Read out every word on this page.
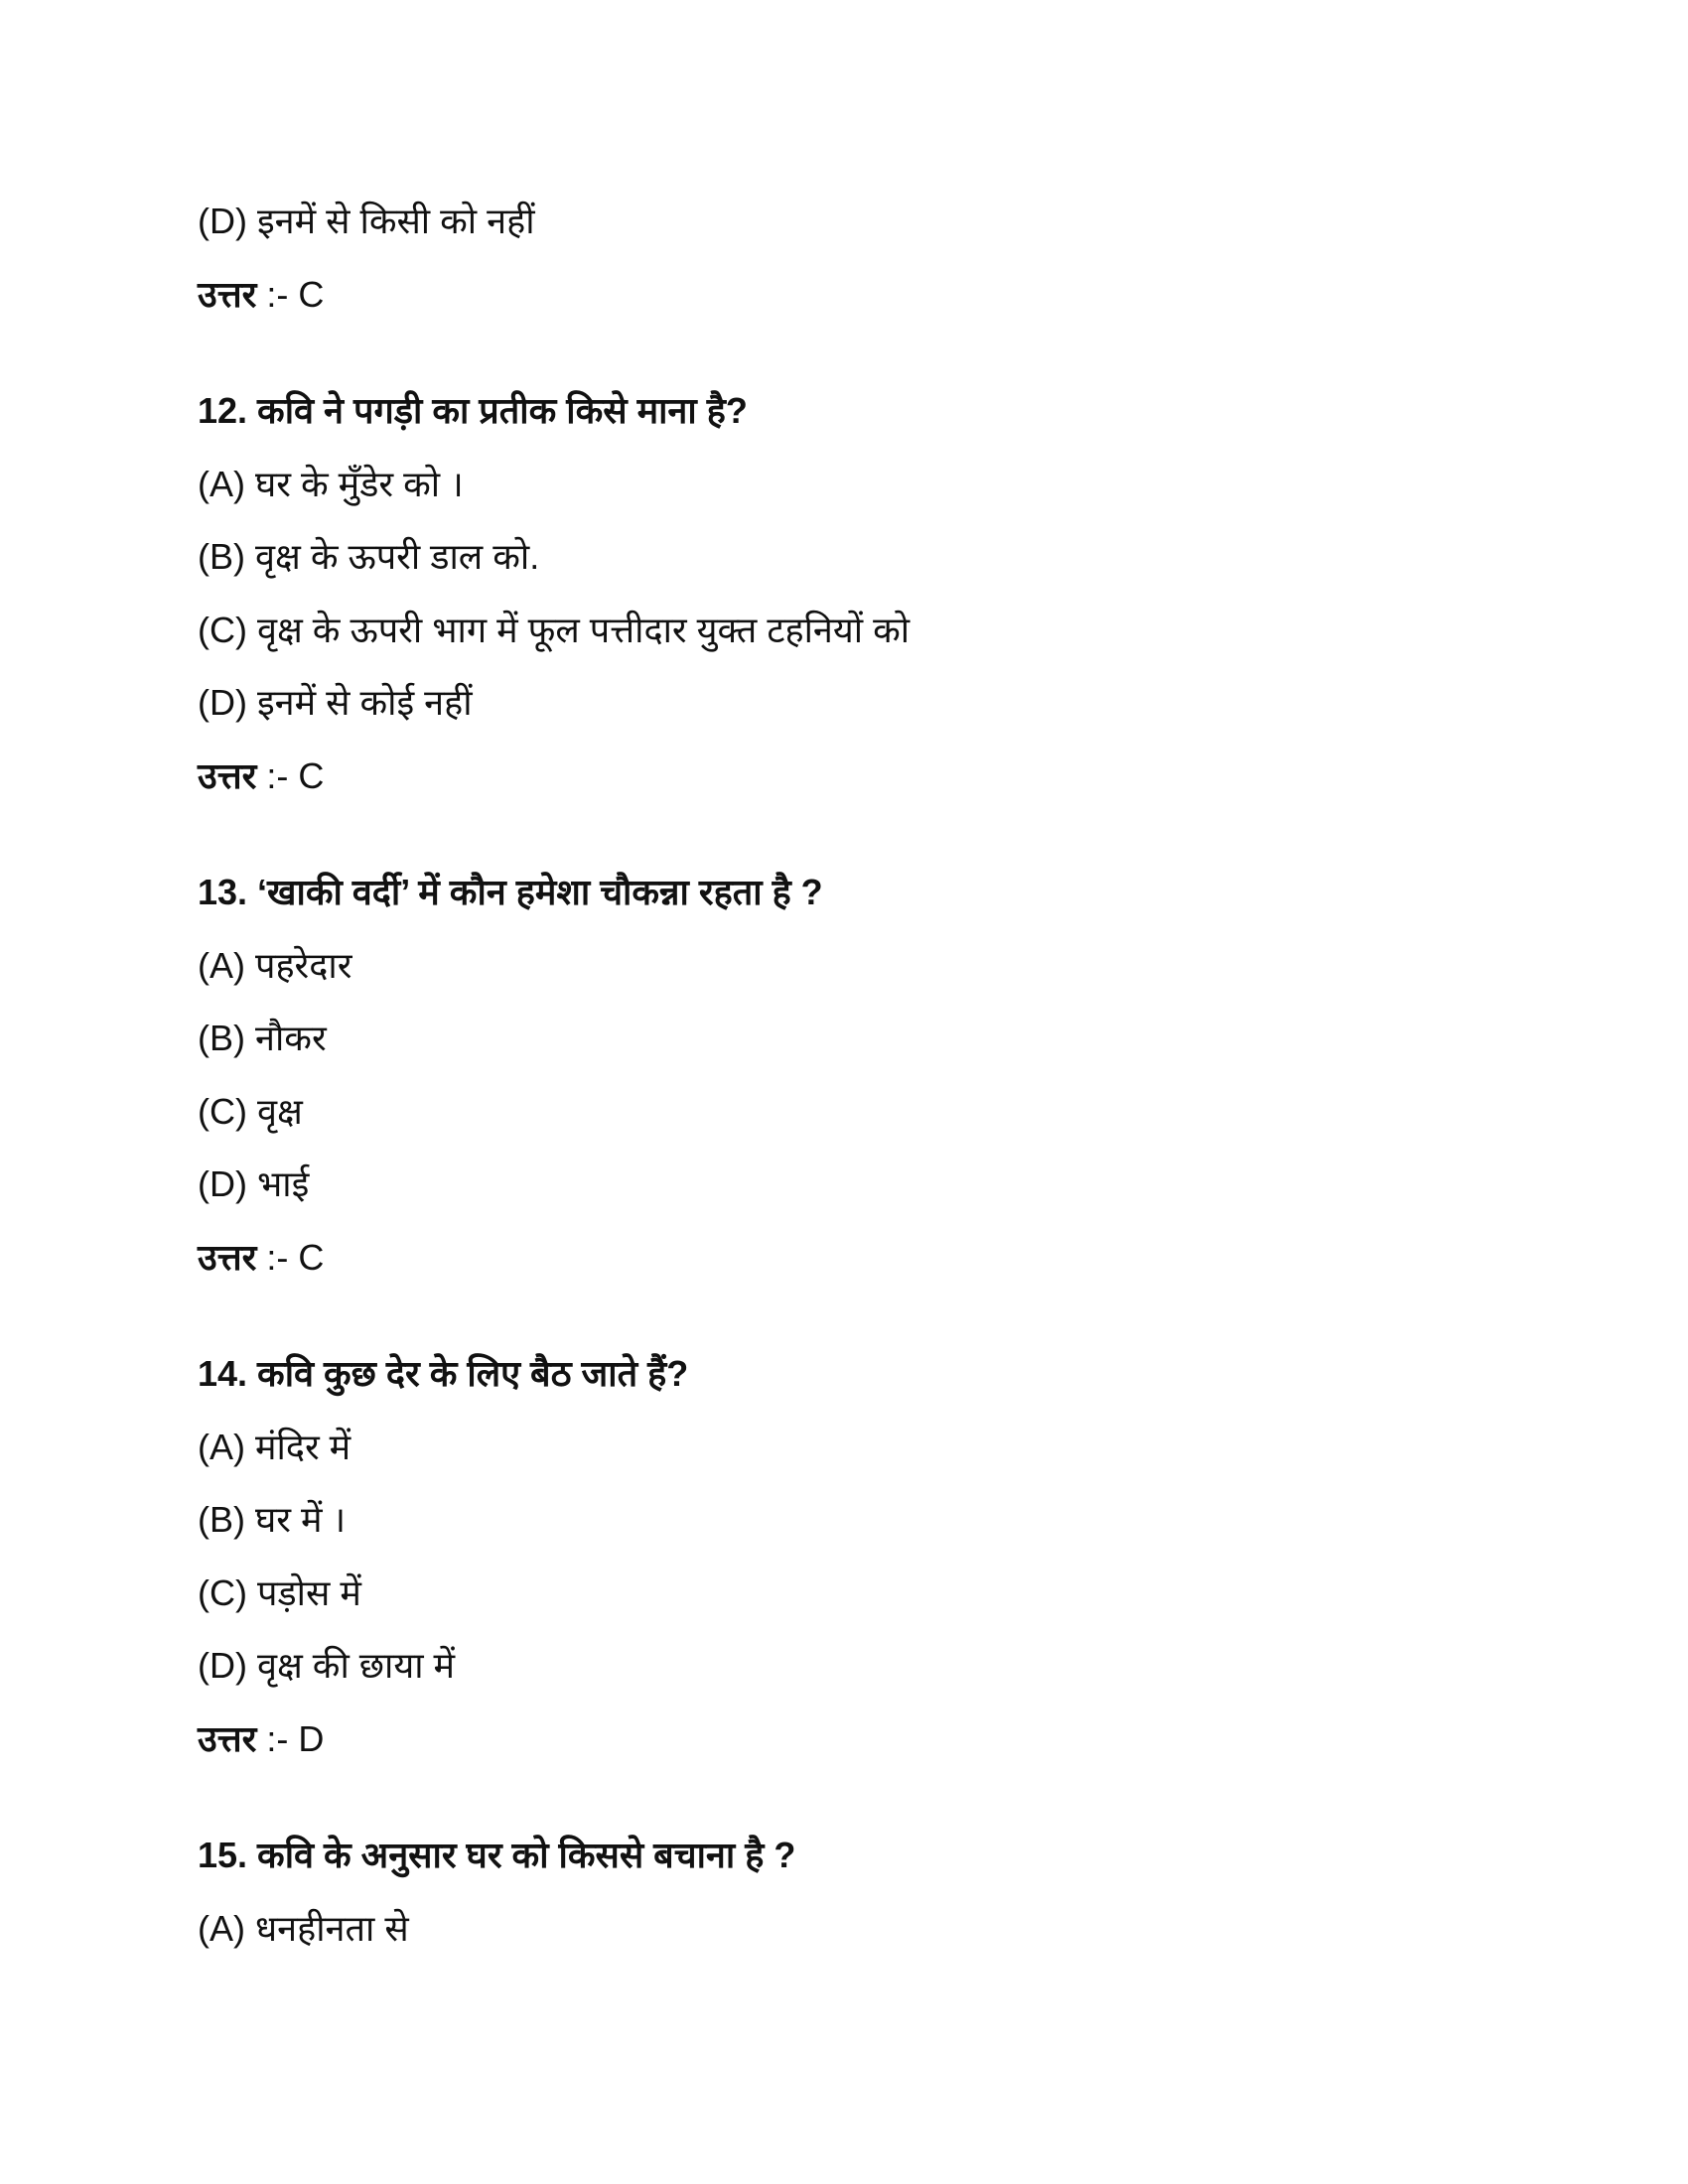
(D) इनमें से किसी को नहीं
उत्तर :- C
12. कवि ने पगड़ी का प्रतीक किसे माना है?
(A) घर के मुँडेर को ।
(B) वृक्ष के ऊपरी डाल को.
(C) वृक्ष के ऊपरी भाग में फूल पत्तीदार युक्त टहनियों को
(D) इनमें से कोई नहीं
उत्तर :- C
13. ‘खाकी वर्दी’ में कौन हमेशा चौकन्ना रहता है ?
(A) पहरेदार
(B) नौकर
(C) वृक्ष
(D) भाई
उत्तर :- C
14. कवि कुछ देर के लिए बैठ जाते हैं?
(A) मंदिर में
(B) घर में ।
(C) पड़ोस में
(D) वृक्ष की छाया में
उत्तर :- D
15. कवि के अनुसार घर को किससे बचाना है ?
(A) धनहीनता से
